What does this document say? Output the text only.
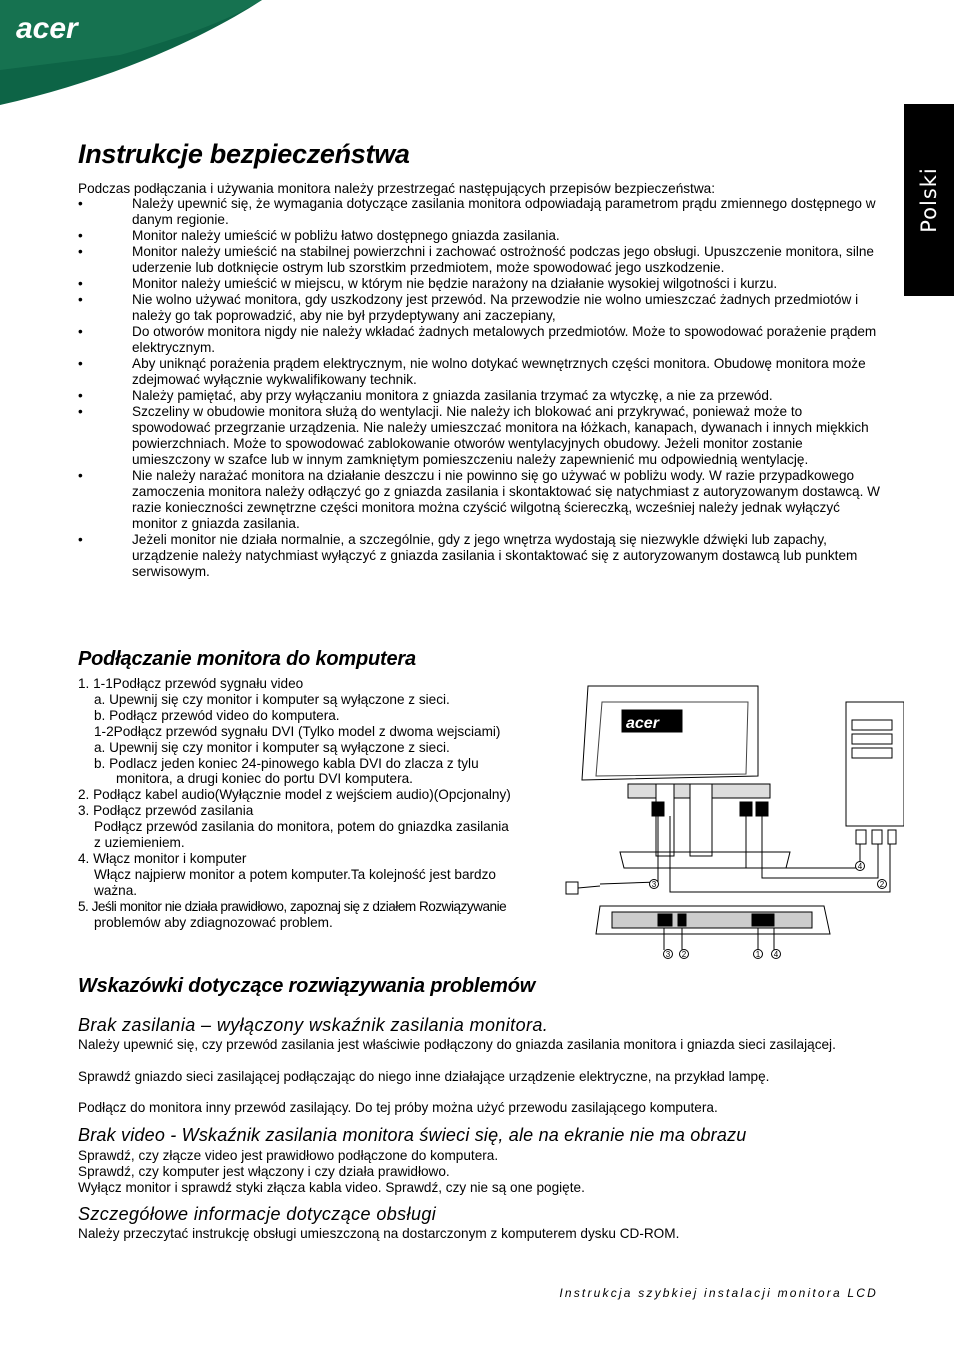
acer
Polski
Instrukcje bezpieczeństwa
Podczas podłączania i używania monitora należy przestrzegać następujących przepisów bezpieczeństwa:
• Należy upewnić się, że wymagania dotyczące zasilania monitora odpowiadają parametrom prądu zmiennego dostępnego w danym regionie.
• Monitor należy umieścić w pobliżu łatwo dostępnego gniazda zasilania.
• Monitor należy umieścić na stabilnej powierzchni i zachować ostrożność podczas jego obsługi. Upuszczenie monitora, silne uderzenie lub dotknięcie ostrym lub szorstkim przedmiotem, może spowodować jego uszkodzenie.
• Monitor należy umieścić w miejscu, w którym nie będzie narażony na działanie wysokiej wilgotności i kurzu.
• Nie wolno używać monitora, gdy uszkodzony jest przewód. Na przewodzie nie wolno umieszczać żadnych przedmiotów i należy go tak poprowadzić, aby nie był przydeptywany ani zaczepiany,
• Do otworów monitora nigdy nie należy wkładać żadnych metalowych przedmiotów. Może to spowodować porażenie prądem elektrycznym.
• Aby uniknąć porażenia prądem elektrycznym, nie wolno dotykać wewnętrznych części monitora. Obudowę monitora może zdejmować wyłącznie wykwalifikowany technik.
• Należy pamiętać, aby przy wyłączaniu monitora z gniazda zasilania trzymać za wtyczkę, a nie za przewód.
• Szczeliny w obudowie monitora służą do wentylacji. Nie należy ich blokować ani przykrywać, ponieważ może to spowodować przegrzanie urządzenia. Nie należy umieszczać monitora na łóżkach, kanapach, dywanach i innych miękkich powierzchniach. Może to spowodować zablokowanie otworów wentylacyjnych obudowy. Jeżeli monitor zostanie umieszczony w szafce lub w innym zamkniętym pomieszczeniu należy zapewnienić mu odpowiednią wentylację.
• Nie należy narażać monitora na działanie deszczu i nie powinno się go używać w pobliżu wody. W razie przypadkowego zamoczenia monitora należy odłączyć go z gniazda zasilania i skontaktować się natychmiast z autoryzowanym dostawcą. W razie konieczności zewnętrzne części monitora można czyścić wilgotną ściereczką, wcześniej należy jednak wyłączyć monitor z gniazda zasilania.
• Jeżeli monitor nie działa normalnie, a szczególnie, gdy z jego wnętrza wydostają się niezwykle dźwięki lub zapachy, urządzenie należy natychmiast wyłączyć z gniazda zasilania i skontaktować się z autoryzowanym dostawcą lub punktem serwisowym.
Podłączanie monitora do komputera
1. 1-1Podłącz przewód sygnału video
a. Upewnij się czy monitor i komputer są wyłączone z sieci.
b. Podłącz przewód video do komputera.
1-2Podłącz przewód sygnału DVI (Tylko model z dwoma wejsciami)
a. Upewnij się czy monitor i komputer są wyłączone z sieci.
b. Podlacz jeden koniec 24-pinowego kabla DVI do zlacza z tylu
monitora, a drugi koniec do portu DVI komputera.
2. Podłącz kabel audio(Wyłącznie model z wejściem audio)(Opcjonalny)
3. Podłącz przewód zasilania
Podłącz przewód zasilania do monitora, potem do gniazdka zasilania
z uziemieniem.
4. Włącz monitor i komputer
Włącz najpierw monitor a potem komputer.Ta kolejność jest bardzo
ważna.
5. Jeśli monitor nie działa prawidłowo, zapoznaj się z działem Rozwiązywanie
problemów aby zdiagnozować problem.
acer
3
4
2
3 2	1 4
Wskazówki dotyczące rozwiązywania problemów
Brak zasilania – wyłączony wskaźnik zasilania monitora.
Należy upewnić się, czy przewód zasilania jest właściwie podłączony do gniazda zasilania monitora i gniazda sieci zasilającej.
Sprawdź gniazdo sieci zasilającej podłączając do niego inne działające urządzenie elektryczne, na przykład lampę.
Podłącz do monitora inny przewód zasilający. Do tej próby można użyć przewodu zasilającego komputera.
Brak video - Wskaźnik zasilania monitora świeci się, ale na ekranie nie ma obrazu
Sprawdź, czy złącze video jest prawidłowo podłączone do komputera.
Sprawdź, czy komputer jest włączony i czy działa prawidłowo.
Wyłącz monitor i sprawdź styki złącza kabla video. Sprawdź, czy nie są one pogięte.
Szczegółowe informacje dotyczące obsługi
Należy przeczytać instrukcję obsługi umieszczoną na dostarczonym z komputerem dysku CD-ROM.
Instrukcja szybkiej instalacji monitora LCD
